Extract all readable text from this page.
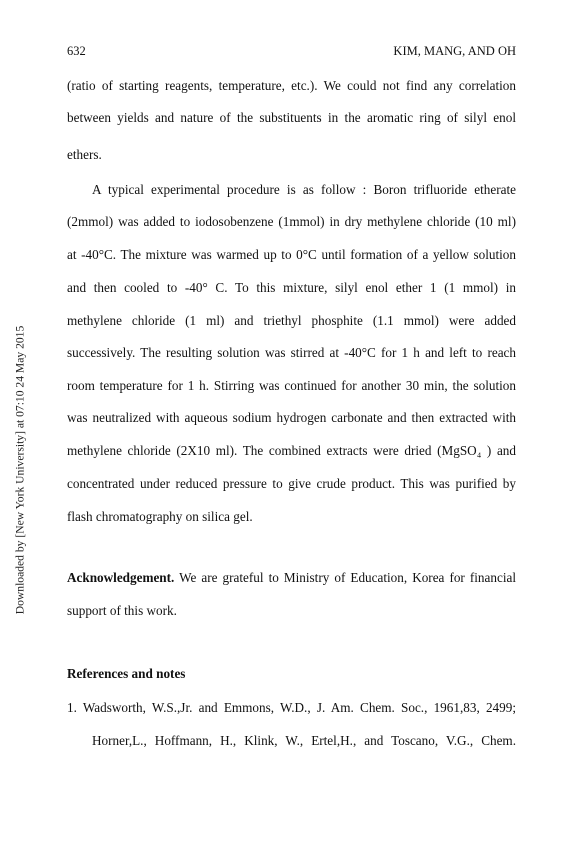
632	KIM, MANG, AND OH
Downloaded by [New York University] at 07:10 24 May 2015
(ratio of starting reagents, temperature, etc.). We could not find any correlation
between yields and nature of the substituents in the aromatic ring of silyl enol
ethers.
A typical experimental procedure is as follow : Boron trifluoride etherate
(2mmol) was added to iodosobenzene (1mmol) in dry methylene chloride (10 ml)
at -40°C. The mixture was warmed up to 0°C until formation of a yellow solution
and then cooled to -40° C. To this mixture, silyl enol ether 1 (1 mmol) in
methylene chloride (1 ml) and triethyl phosphite (1.1 mmol) were added
successively. The resulting solution was stirred at -40°C for 1 h and left to reach
room temperature for 1 h. Stirring was continued for another 30 min, the solution
was neutralized with aqueous sodium hydrogen carbonate and then extracted with
methylene chloride (2X10 ml). The combined extracts were dried (MgSO₄ ) and
concentrated under reduced pressure to give crude product. This was purified by
flash chromatography on silica gel.
Acknowledgement. We are grateful to Ministry of Education, Korea for financial
support of this work.
References and notes
1. Wadsworth, W.S.,Jr. and Emmons, W.D., J. Am. Chem. Soc., 1961,83, 2499;
Horner,L., Hoffmann, H., Klink, W., Ertel,H., and Toscano, V.G., Chem.
